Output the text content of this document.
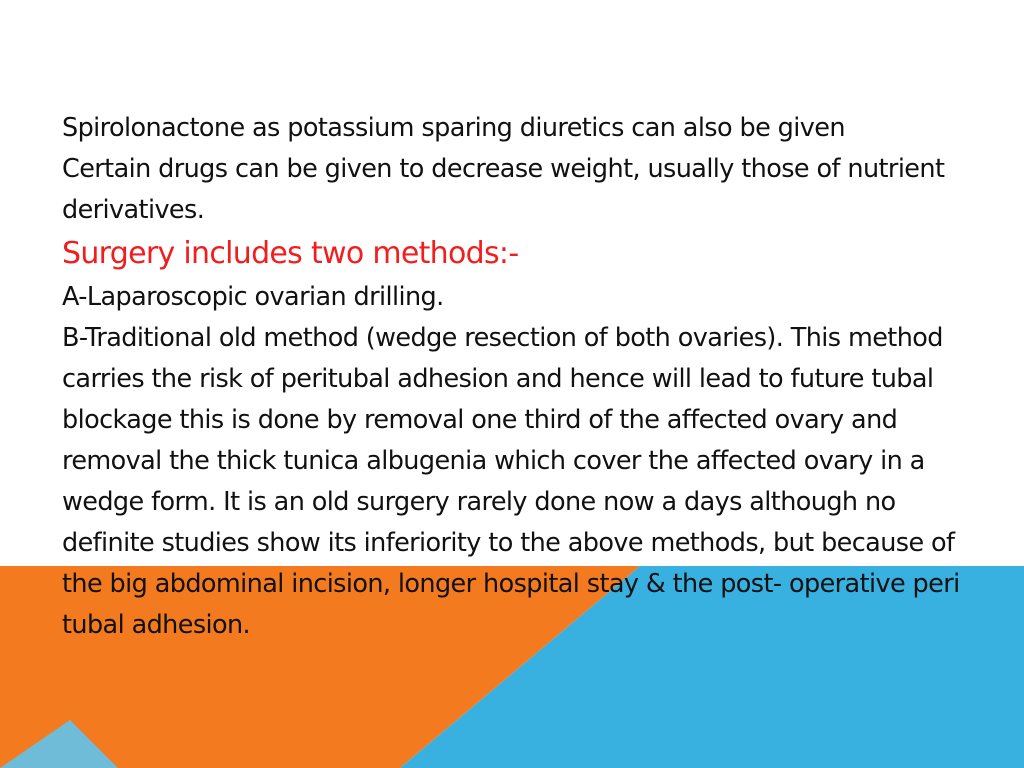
Spirolonactone as potassium sparing diuretics can also be given

Certain drugs can be given to decrease weight, usually those of nutrient derivatives.

Surgery includes two methods:-

A-Laparoscopic ovarian drilling.

B-Traditional old method (wedge resection of both ovaries). This method carries the risk of peritubal adhesion and hence will lead to future tubal blockage this is done by removal one third of the affected ovary and removal the thick tunica albugenia which cover the affected ovary in a wedge form. It is an old surgery rarely done now a days although no definite studies show its inferiority to the above methods, but because of the big abdominal incision, longer hospital stay & the post- operative peri tubal adhesion.
